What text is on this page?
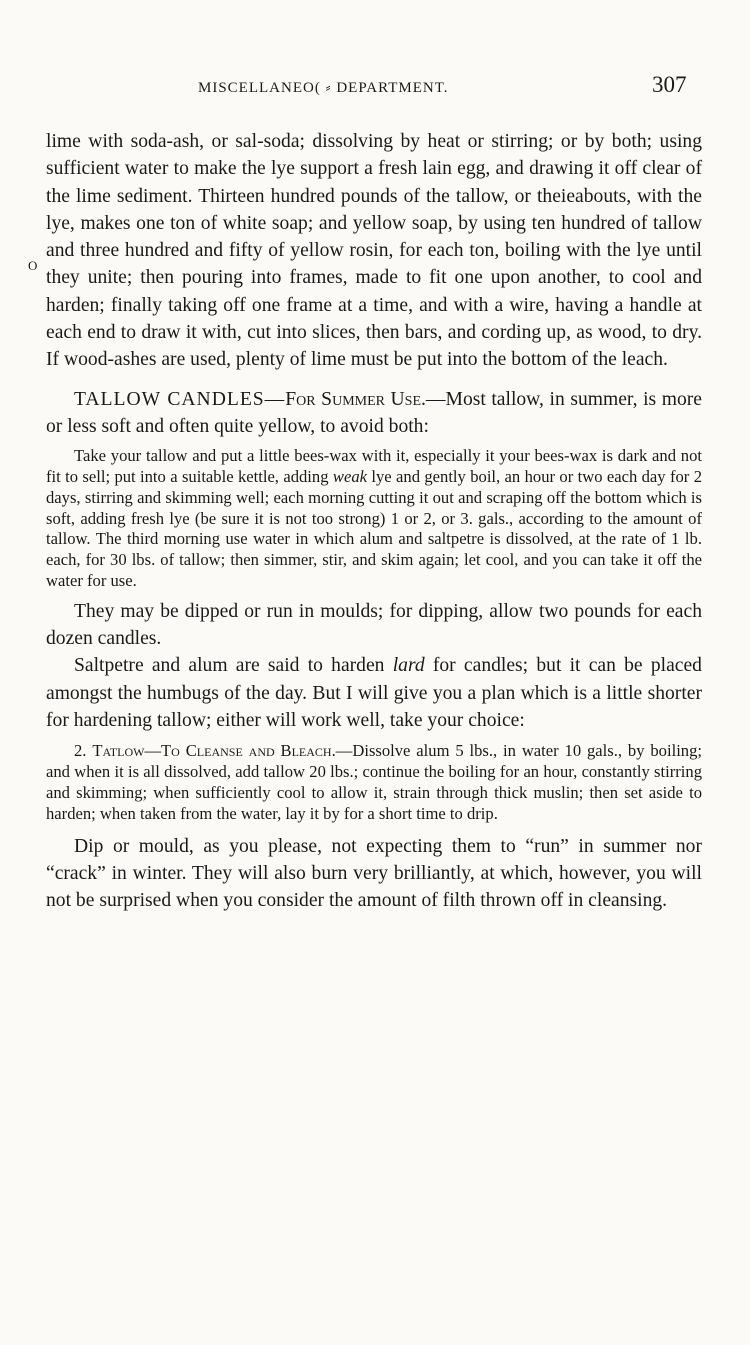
MISCELLANEO( ⸗ DEPARTMENT.	307
O

lime with soda-ash, or sal-soda; dissolving by heat or stirring; or by both; using sufficient water to make the lye support a fresh lain egg, and drawing it off clear of the lime sediment. Thirteen hundred pounds of the tallow, or theieabouts, with the lye, makes one ton of white soap; and yellow soap, by using ten hundred of tallow and three hundred and fifty of yellow rosin, for each ton, boiling with the lye until they unite; then pouring into frames, made to fit one upon another, to cool and harden; finally taking off one frame at a time, and with a wire, having a handle at each end to draw it with, cut into slices, then bars, and cording up, as wood, to dry. If wood-ashes are used, plenty of lime must be put into the bottom of the leach.

TALLOW CANDLES—For Summer Use.—Most tallow, in summer, is more or less soft and often quite yellow, to avoid both:

Take your tallow and put a little bees-wax with it, especially it your bees-wax is dark and not fit to sell; put into a suitable kettle, adding weak lye and gently boil, an hour or two each day for 2 days, stirring and skimming well; each morning cutting it out and scraping off the bottom which is soft, adding fresh lye (be sure it is not too strong) 1 or 2, or 3. gals., according to the amount of tallow. The third morning use water in which alum and saltpetre is dissolved, at the rate of 1 lb. each, for 30 lbs. of tallow; then simmer, stir, and skim again; let cool, and you can take it off the water for use.

They may be dipped or run in moulds; for dipping, allow two pounds for each dozen candles.

Saltpetre and alum are said to harden lard for candles; but it can be placed amongst the humbugs of the day. But I will give you a plan which is a little shorter for hardening tallow; either will work well, take your choice:

2. Tatlow—To Cleanse and Bleach.—Dissolve alum 5 lbs., in water 10 gals., by boiling; and when it is all dissolved, add tallow 20 lbs.; continue the boiling for an hour, constantly stirring and skimming; when sufficiently cool to allow it, strain through thick muslin; then set aside to harden; when taken from the water, lay it by for a short time to drip.

Dip or mould, as you please, not expecting them to “run” in summer nor “crack” in winter. They will also burn very brilliantly, at which, however, you will not be surprised when you consider the amount of filth thrown off in cleansing.
